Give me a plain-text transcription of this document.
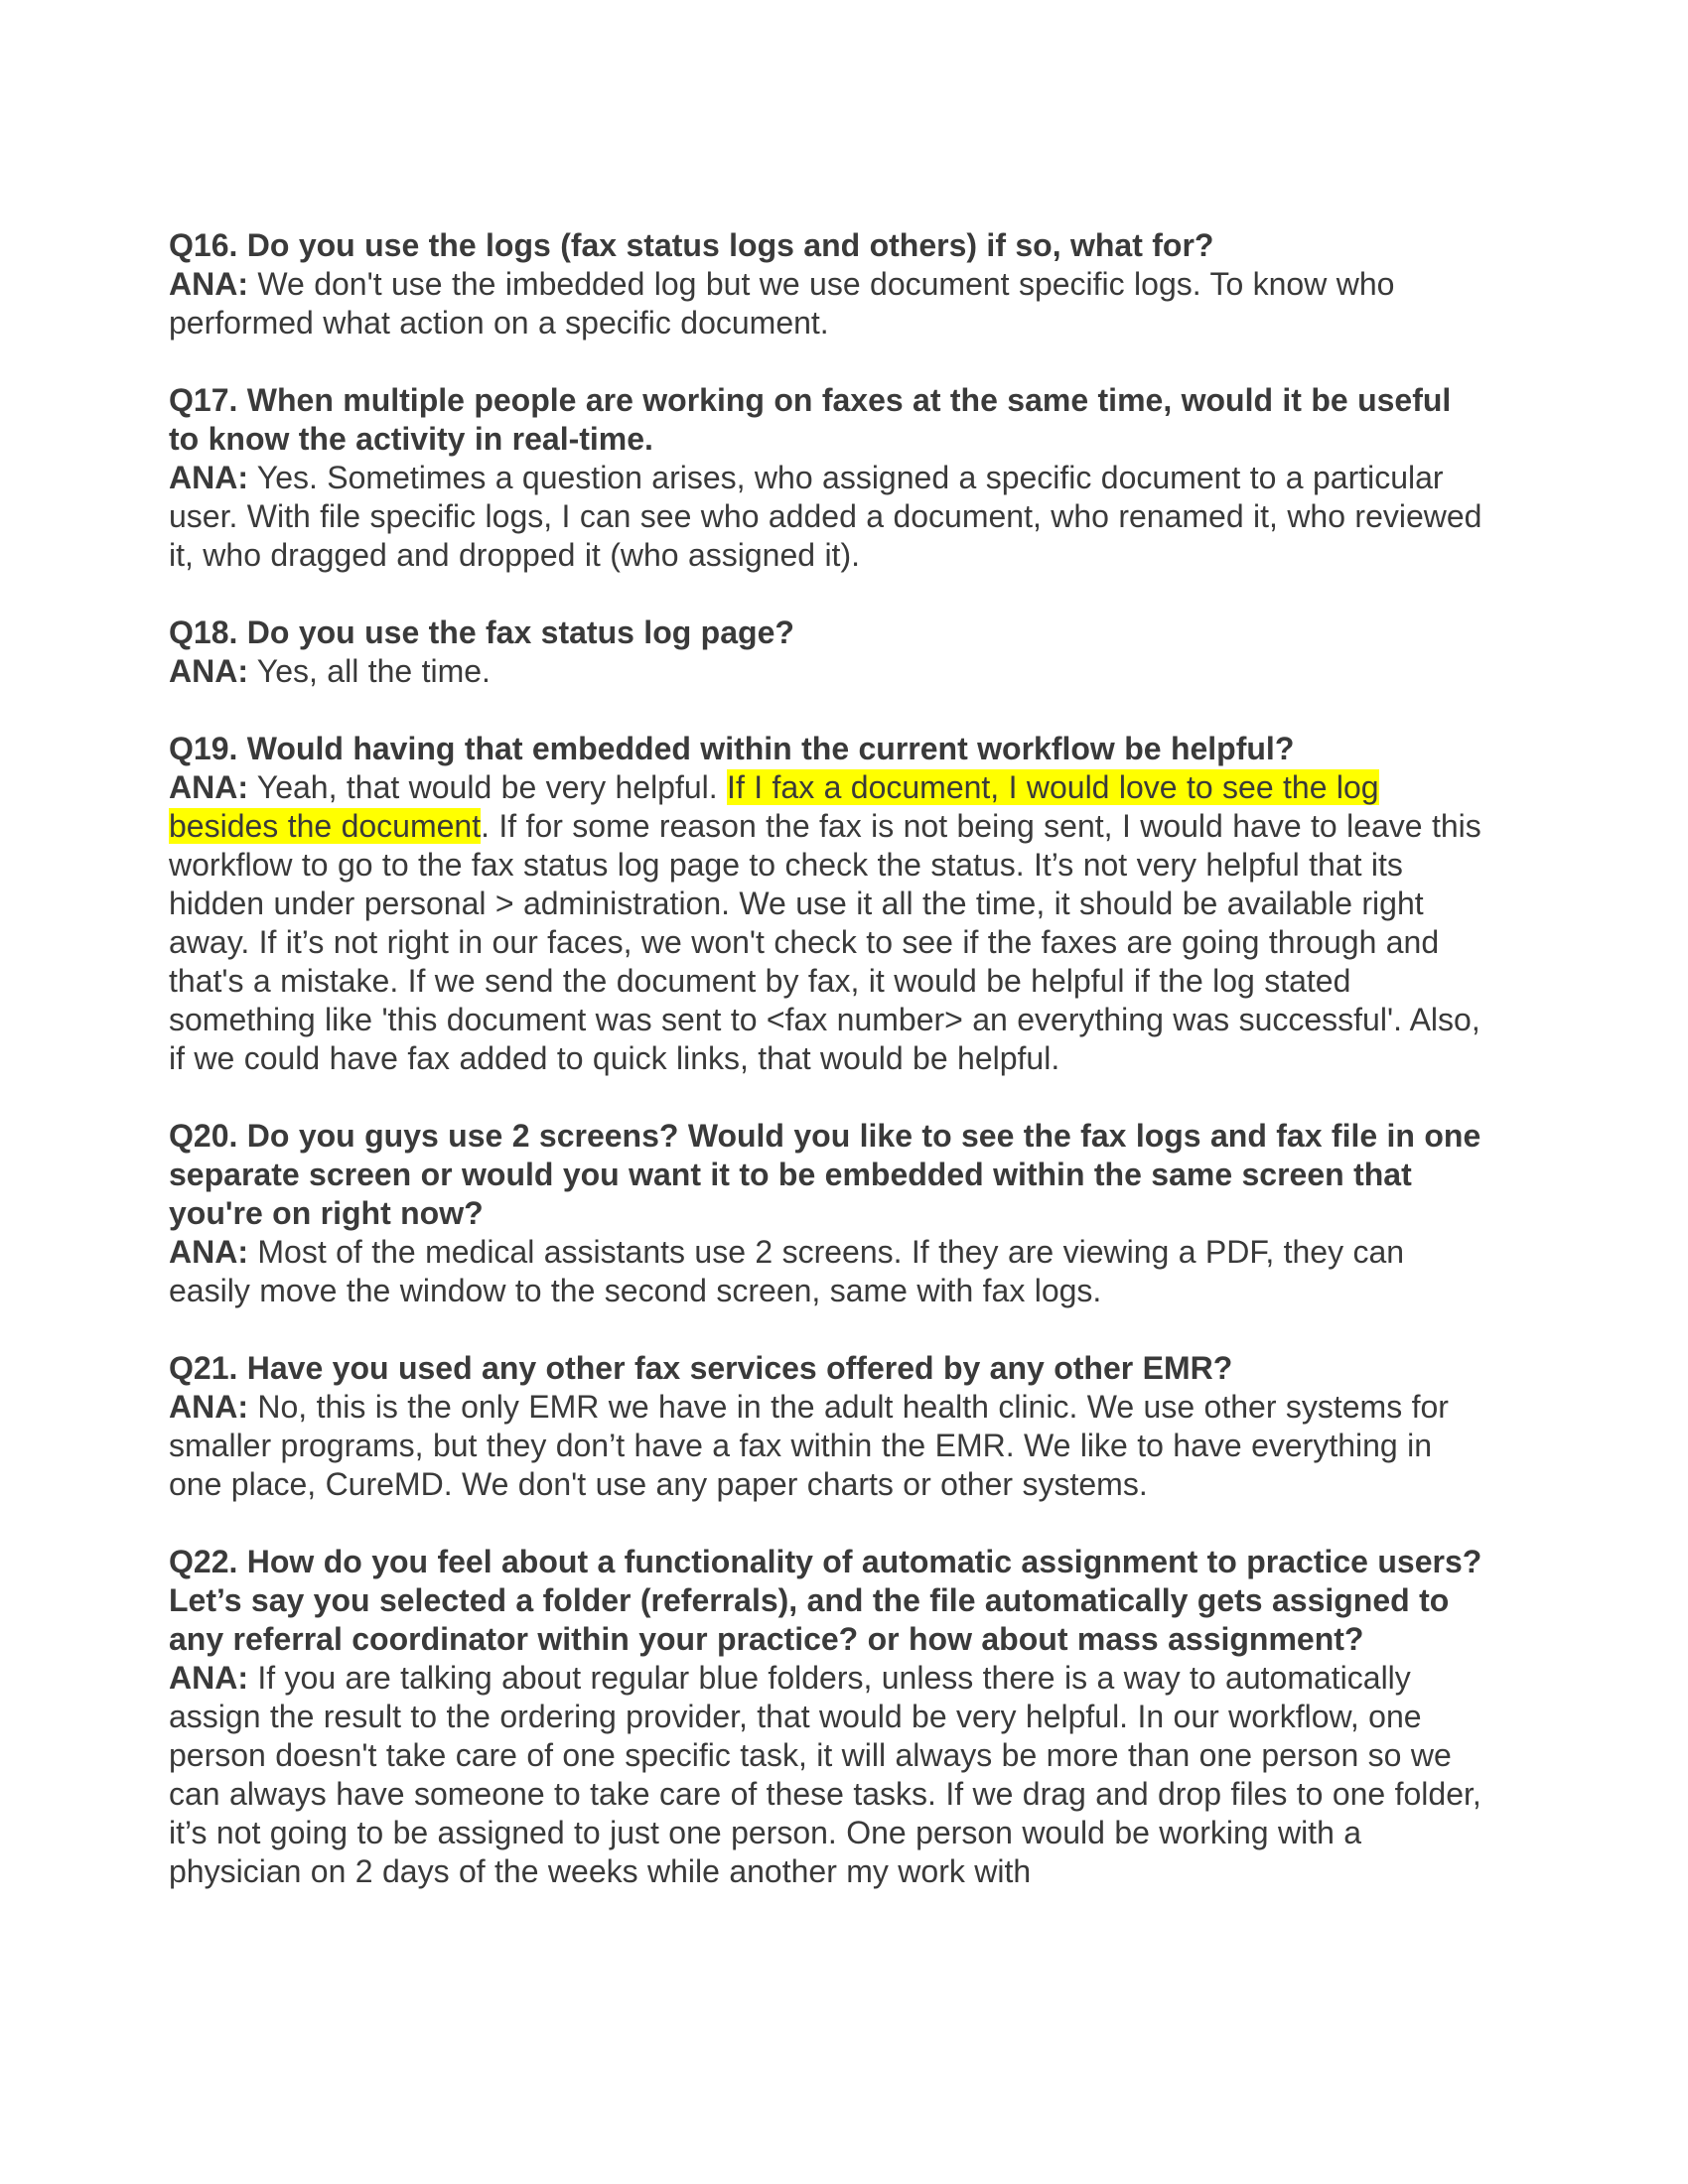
Q16. Do you use the logs (fax status logs and others) if so, what for?

ANA: We don't use the imbedded log but we use document specific logs. To know who performed what action on a specific document.

Q17. When multiple people are working on faxes at the same time, would it be useful to know the activity in real-time.

ANA: Yes. Sometimes a question arises, who assigned a specific document to a particular user. With file specific logs, I can see who added a document, who renamed it, who reviewed it, who dragged and dropped it (who assigned it).

Q18. Do you use the fax status log page?

ANA: Yes, all the time.

Q19. Would having that embedded within the current workflow be helpful?

ANA: Yeah, that would be very helpful. If I fax a document, I would love to see the log besides the document. If for some reason the fax is not being sent, I would have to leave this workflow to go to the fax status log page to check the status. It’s not very helpful that its hidden under personal > administration. We use it all the time, it should be available right away. If it’s not right in our faces, we won't check to see if the faxes are going through and that's a mistake. If we send the document by fax, it would be helpful if the log stated something like 'this document was sent to <fax number> an everything was successful'. Also, if we could have fax added to quick links, that would be helpful.

Q20. Do you guys use 2 screens? Would you like to see the fax logs and fax file in one separate screen or would you want it to be embedded within the same screen that you're on right now?

ANA: Most of the medical assistants use 2 screens. If they are viewing a PDF, they can easily move the window to the second screen, same with fax logs.

Q21. Have you used any other fax services offered by any other EMR?

ANA: No, this is the only EMR we have in the adult health clinic. We use other systems for smaller programs, but they don’t have a fax within the EMR. We like to have everything in one place, CureMD. We don't use any paper charts or other systems.

Q22. How do you feel about a functionality of automatic assignment to practice users? Let’s say you selected a folder (referrals), and the file automatically gets assigned to any referral coordinator within your practice? or how about mass assignment?

ANA: If you are talking about regular blue folders, unless there is a way to automatically assign the result to the ordering provider, that would be very helpful. In our workflow, one person doesn't take care of one specific task, it will always be more than one person so we can always have someone to take care of these tasks. If we drag and drop files to one folder, it’s not going to be assigned to just one person. One person would be working with a physician on 2 days of the weeks while another my work with
